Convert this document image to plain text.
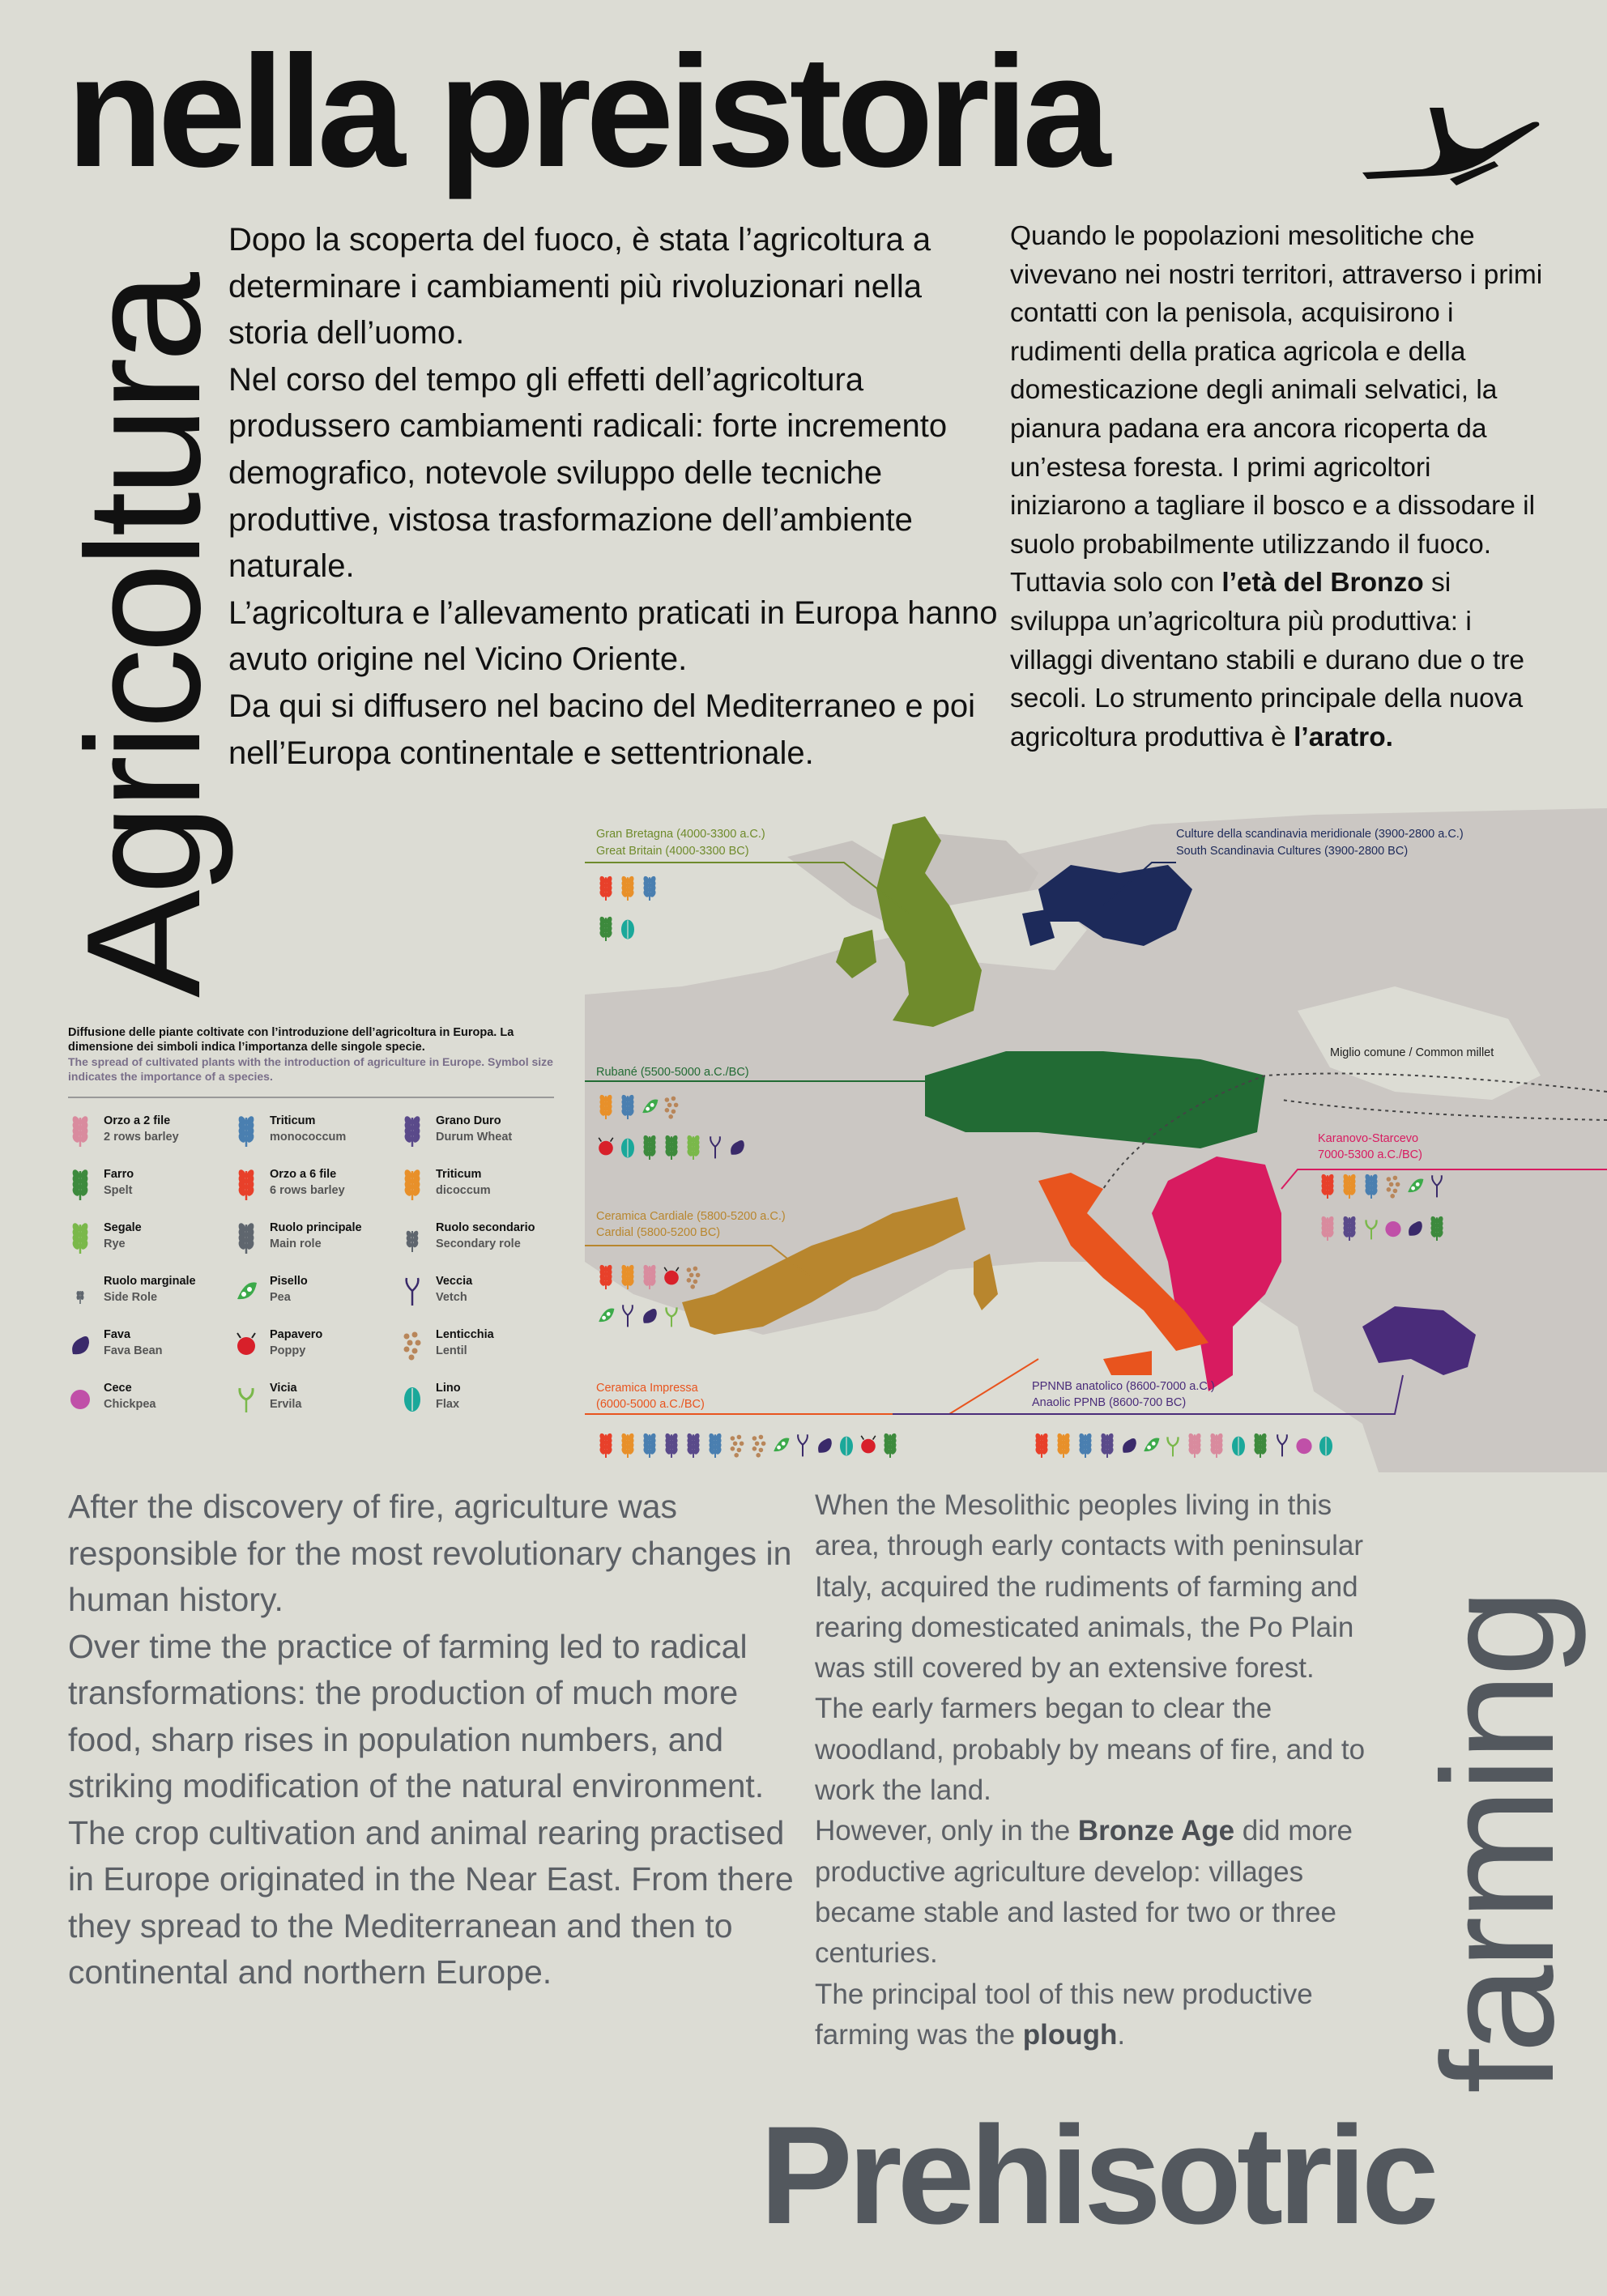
nella preistoria
Agricoltura

Dopo la scoperta del fuoco, è stata l’agricoltura a determinare i cambiamenti più rivoluzionari nella storia dell’uomo.

Nel corso del tempo gli effetti dell’agricoltura produssero cambiamenti radicali: forte incremento demografico, notevole sviluppo delle tecniche produttive, vistosa trasformazione dell’ambiente naturale.

L’agricoltura e l’allevamento praticati in Europa hanno avuto origine nel Vicino Oriente.

Da qui si diffusero nel bacino del Mediterraneo e poi nell’Europa continentale e settentrionale.

Quando le popolazioni mesolitiche che vivevano nei nostri territori, attraverso i primi contatti con la penisola, acquisirono i rudimenti della pratica agricola e della domesticazione degli animali selvatici, la pianura padana era ancora ricoperta da un’estesa foresta. I primi agricoltori iniziarono a tagliare il bosco e a dissodare il suolo probabilmente utilizzando il fuoco.

Tuttavia solo con l’età del Bronzo si sviluppa un’agricoltura più produttiva: i villaggi diventano stabili e durano due o tre secoli. Lo strumento principale della nuova agricoltura produttiva è l’aratro.

Gran Bretagna (4000-3300 a.C.)
Great Britain (4000-3300 BC)
Culture della scandinavia meridionale (3900-2800 a.C.)
South Scandinavia Cultures (3900-2800 BC)
Rubané (5500-5000 a.C./BC)
Karanovo-Starcevo
7000-5300 a.C./BC)
Ceramica Cardiale (5800-5200 a.C.)
Cardial (5800-5200 BC)
Ceramica Impressa
(6000-5000 a.C./BC)
PPNNB anatolico (8600-7000 a.C.)
Anaolic PPNB (8600-700 BC)
Miglio comune / Common millet

Diffusione delle piante coltivate con l’introduzione dell’agricoltura in Europa. La dimensione dei simboli indica l’importanza delle singole specie.

The spread of cultivated plants with the introduction of agriculture in Europe. Symbol size indicates the importance of a species.

Orzo a 2 file
2 rows barley
Triticum
monococcum
Grano Duro
Durum Wheat
Farro
Spelt
Orzo a 6 file
6 rows barley
Triticum
dicoccum
Segale
Rye
Ruolo principale
Main role
Ruolo secondario
Secondary role
Ruolo marginale
Side Role
Pisello
Pea
Veccia
Vetch
Fava
Fava Bean
Papavero
Poppy
Lenticchia
Lentil
Cece
Chickpea
Vicia
Ervila
Lino
Flax

After the discovery of fire, agriculture was responsible for the most revolutionary changes in human history.

Over time the practice of farming led to radical transformations: the production of much more food, sharp rises in population numbers, and striking modification of the natural environment.

The crop cultivation and animal rearing practised in Europe originated in the Near East. From there they spread to the Mediterranean and then to continental and northern Europe.

When the Mesolithic peoples living in this area, through early contacts with peninsular Italy, acquired the rudiments of farming and rearing domesticated animals, the Po Plain was still covered by an extensive forest.

The early farmers began to clear the woodland, probably by means of fire, and to work the land.

However, only in the Bronze Age did more productive agriculture develop: villages became stable and lasted for two or three centuries.

The principal tool of this new productive farming was the plough.

Prehisotric
farming
